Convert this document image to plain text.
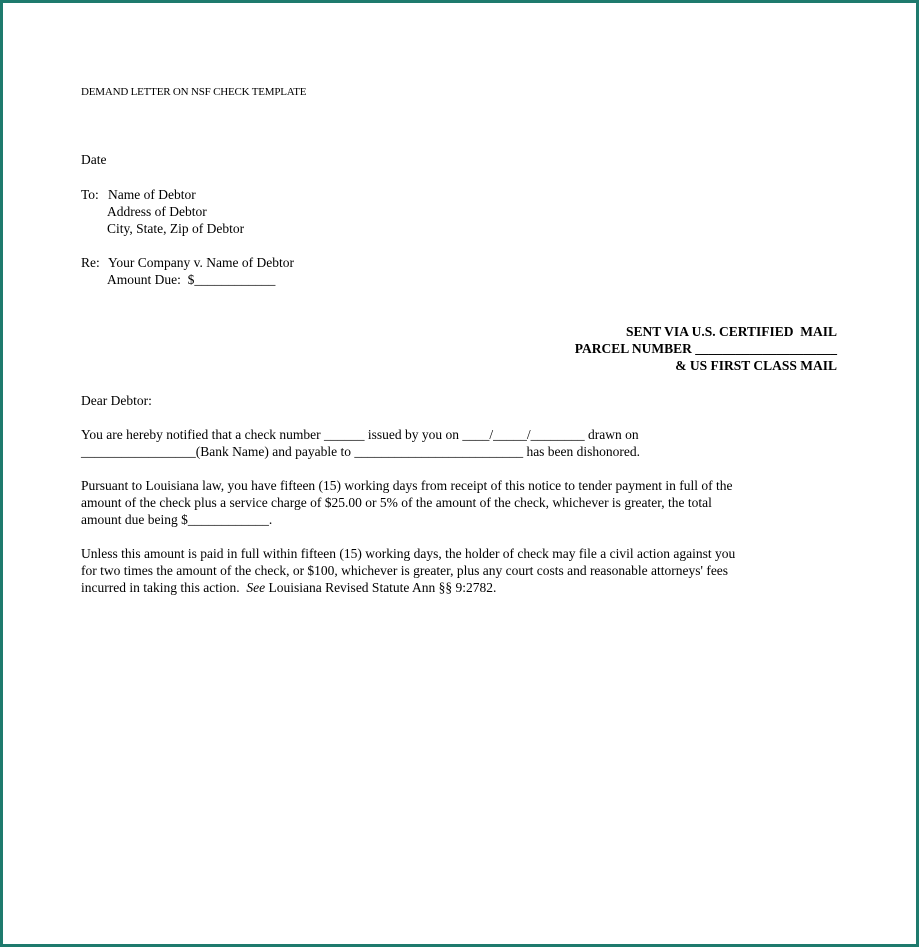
DEMAND LETTER ON NSF CHECK TEMPLATE
Date
To: Name of Debtor
Address of Debtor
City, State, Zip of Debtor
Re: Your Company v. Name of Debtor
Amount Due:  $____________
SENT VIA U.S. CERTIFIED  MAIL
PARCEL NUMBER _____________________
& US FIRST CLASS MAIL
Dear Debtor:
You are hereby notified that a check number ______ issued by you on ____/_____/________ drawn on
_________________(Bank Name) and payable to _________________________ has been dishonored.
Pursuant to Louisiana law, you have fifteen (15) working days from receipt of this notice to tender payment in full of the
amount of the check plus a service charge of $25.00 or 5% of the amount of the check, whichever is greater, the total
amount due being $____________.
Unless this amount is paid in full within fifteen (15) working days, the holder of check may file a civil action against you
for two times the amount of the check, or $100, whichever is greater, plus any court costs and reasonable attorneys' fees
incurred in taking this action.  See Louisiana Revised Statute Ann §§ 9:2782.
